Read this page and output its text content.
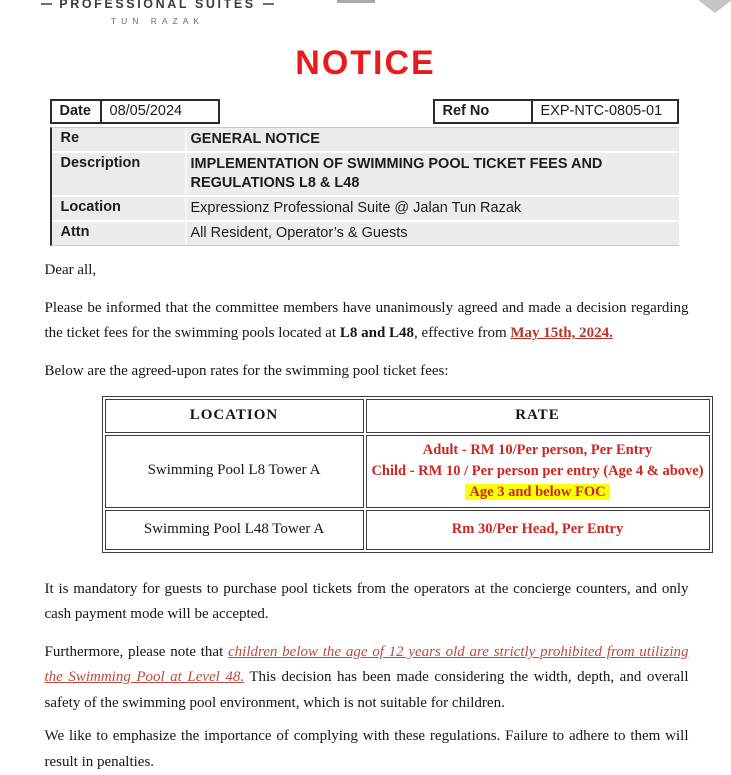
PROFESSIONAL SUITES
TUN RAZAK
NOTICE
Date	08/05/2024	Ref No	EXP-NTC-0805-01
Re	GENERAL NOTICE
Description	IMPLEMENTATION OF SWIMMING POOL TICKET FEES AND REGULATIONS L8 & L48
Location	Expressionz Professional Suite @ Jalan Tun Razak
Attn	All Resident, Operator’s & Guests

Dear all,

Please be informed that the committee members have unanimously agreed and made a decision regarding the ticket fees for the swimming pools located at L8 and L48, effective from May 15th, 2024.

Below are the agreed-upon rates for the swimming pool ticket fees:

LOCATION	RATE
Swimming Pool L8 Tower A	Adult - RM 10/Per person, Per Entry
Child - RM 10 / Per person per entry (Age 4 & above)
Age 3 and below FOC

Swimming Pool L48 Tower A	Rm 30/Per Head, Per Entry

It is mandatory for guests to purchase pool tickets from the operators at the concierge counters, and only cash payment mode will be accepted.

Furthermore, please note that children below the age of 12 years old are strictly prohibited from utilizing the Swimming Pool at Level 48. This decision has been made considering the width, depth, and overall safety of the swimming pool environment, which is not suitable for children.

We like to emphasize the importance of complying with these regulations. Failure to adhere to them will result in penalties.
